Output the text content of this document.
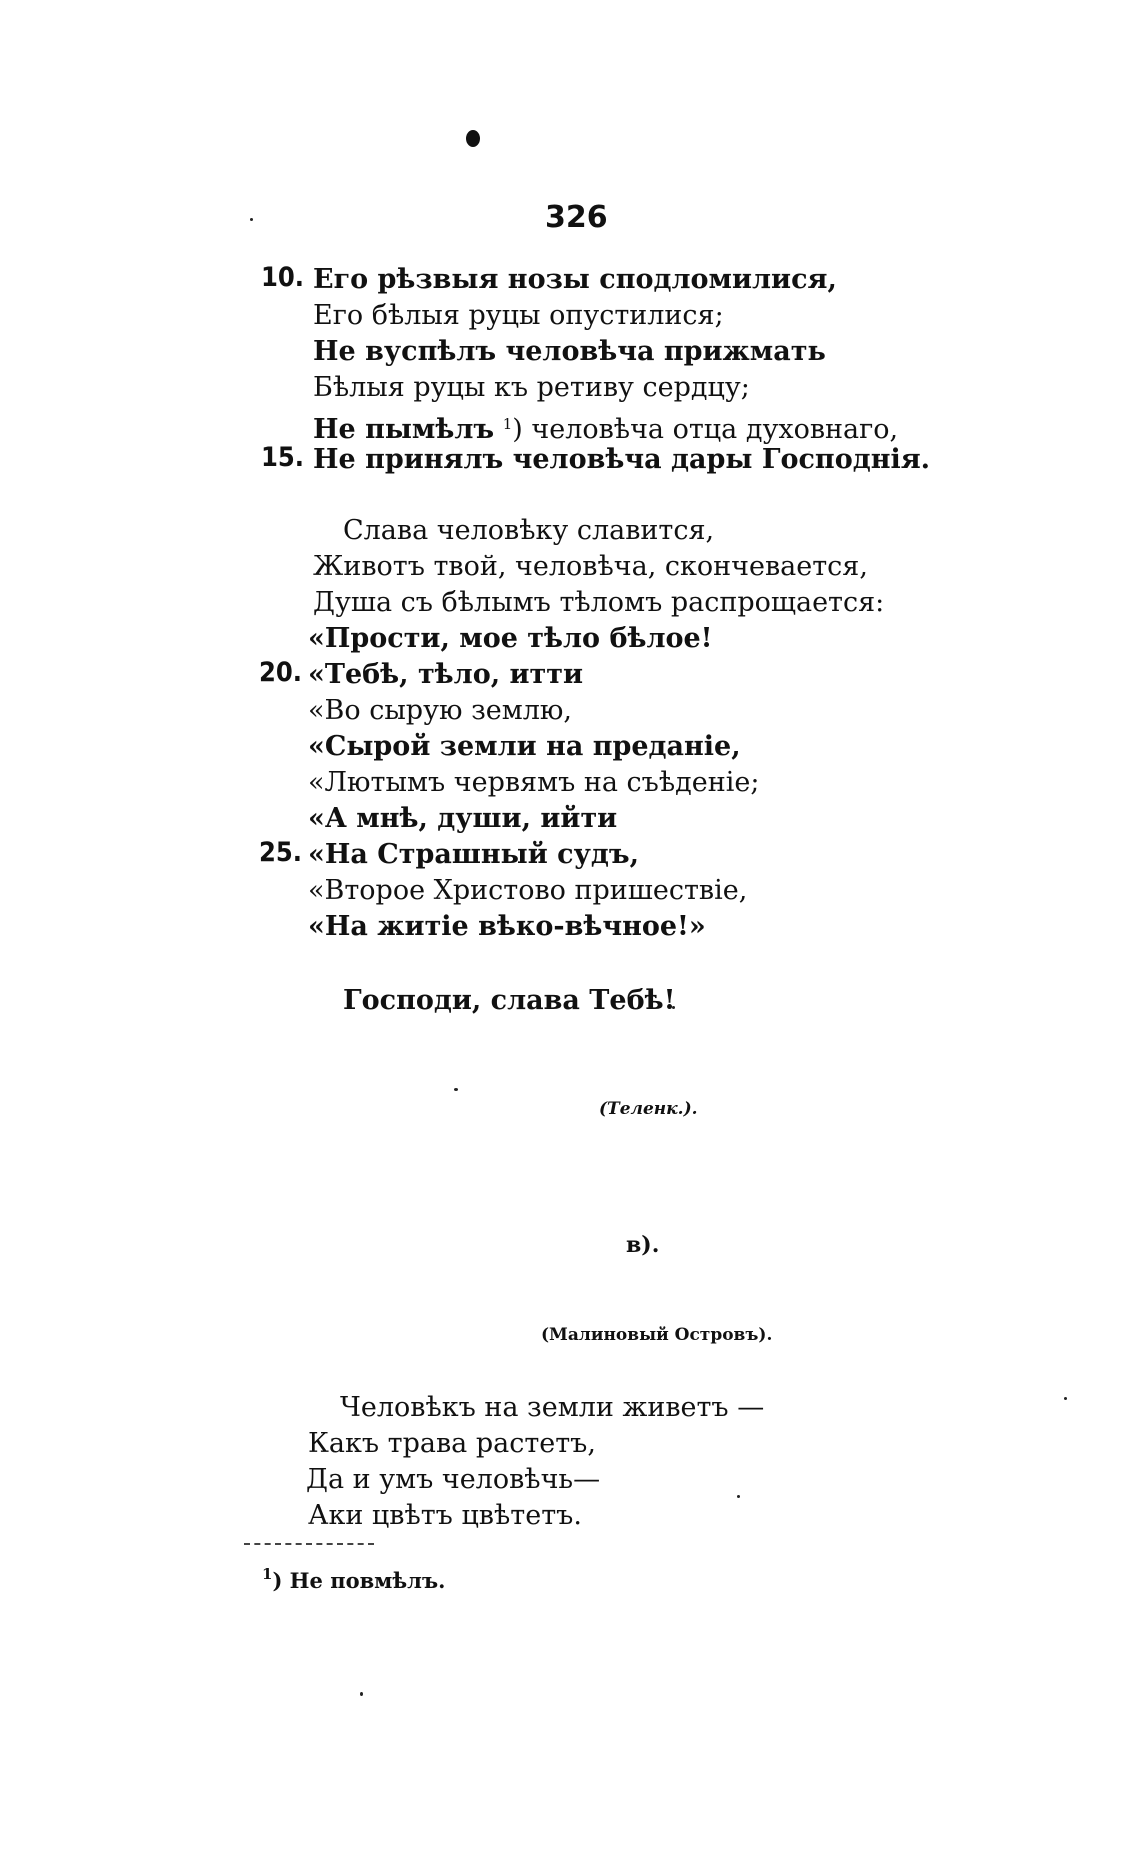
326
10. Его рѣзвыя нозы сподломилися,
Его бѣлыя руцы опустилися;
Не вуспѣлъ человѣча прижмать
Бѣлыя руцы къ ретиву сердцу;
Не пымѣлъ $^1$) человѣча отца духовнаго,
15. Не принялъ человѣча дары Господнія.
Слава человѣку славится,
Животъ твой, человѣча, скончевается,
Душа съ бѣлымъ тѣломъ распрощается:
«Прости, мое тѣло бѣлое!
20. «Тебѣ, тѣло, итти
«Во сырую землю,
«Сырой земли на преданіе,
«Лютымъ червямъ на съѣденіе;
«А мнѣ, души, ийти
25. «На Страшный судъ,
«Второе Христово пришествіе,
«На житіе вѣко-вѣчное!»
Господи, слава Тебѣ!
(Теленк.).
в).
(Малиновый Островъ).
Человѣкъ на земли живетъ —
Какъ трава растетъ,
Да и умъ человѣчь—
Аки цвѣтъ цвѣтетъ.
$^1$) Не повмѣлъ.
